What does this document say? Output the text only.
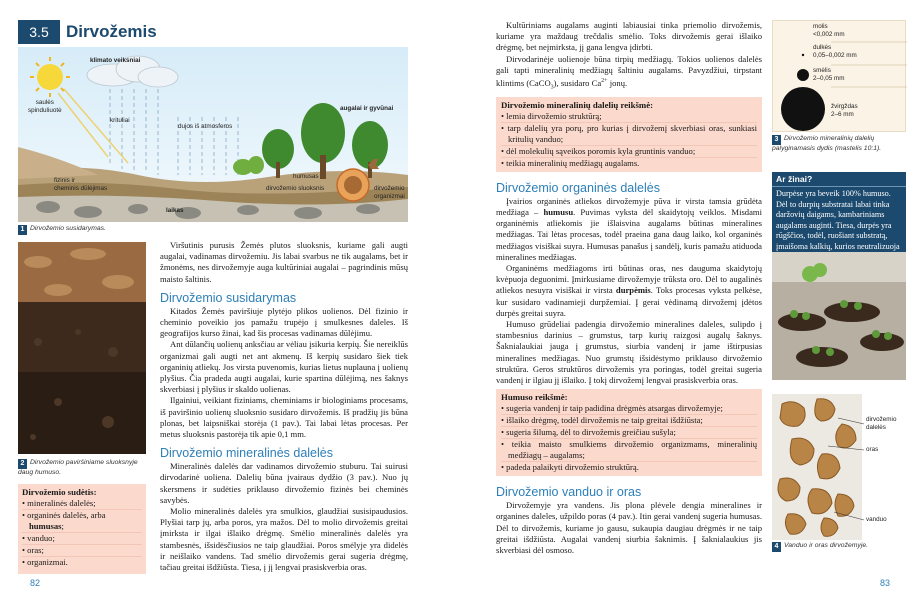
3.5	Dirvožemis
klimato veiksniai
saulės
spinduliuotė
krituliai
dujos iš atmosferos
augalai ir gyvūnai
fizinis ir
cheminis dūlėjimas
laikas
dirvožemio sluoksnis
humusas
dirvožemio
organizmai
1 Dirvožemio susidarymas.
2 Dirvožemio paviršiniame sluoksnyje daug humuso.
Dirvožemio sudėtis:
• mineralinės dalelės;
• organinės dalelės, arba
humusas;
• vanduo;
• oras;
• organizmai.
82

Viršutinis purusis Žemės plutos sluoksnis, kuriame gali augti augalai, vadinamas dirvožemiu. Jis labai svarbus ne tik augalams, bet ir žmonėms, nes dirvožemyje auga kultūriniai augalai – pagrindinis mūsų maisto šaltinis.

Dirvožemio susidarymas

Kitados Žemės paviršiuje plytėjo plikos uolienos. Dėl fizinio ir cheminio poveikio jos pamažu trupėjo į smulkesnes daleles. Iš geografijos kurso žinai, kad šis procesas vadinamas dūlėjimu.

Ant dūlančių uolienų anksčiau ar vėliau įsikuria kerpių. Šie nereiklūs organizmai gali augti net ant akmenų. Iš kerpių susidaro šiek tiek organinių atliekų. Jos virsta puvenomis, kurias lietus nuplauna į uolienų plyšius. Čia pradeda augti augalai, kurie spartina dūlėjimą, nes šaknys skverbiasi į plyšius ir skaldo uolienas.

Ilgainiui, veikiant fiziniams, cheminiams ir biologiniams procesams, iš paviršinio uolienų sluoksnio susidaro dirvožemis. Iš pradžių jis būna plonas, bet laipsniškai storėja (1 pav.). Tai labai lėtas procesas. Per metus sluoksnis pastorėja tik apie 0,1 mm.

Dirvožemio mineralinės dalelės

Mineralinės dalelės dar vadinamos dirvožemio stuburu. Tai suirusi dirvodarinė uoliena. Dalelių būna įvairaus dydžio (3 pav.). Nuo jų skersmens ir sudėties priklauso dirvožemio fizinės bei cheminės savybės.

Molio mineralinės dalelės yra smulkios, glaudžiai susisipaudusios. Plyšiai tarp jų, arba poros, yra mažos. Dėl to molio dirvožemis greitai įmirksta ir ilgai išlaiko drėgmę. Smėlio mineralinės dalelės yra stambesnės, išsidėsčiusios ne taip glaudžiai. Poros smėlyje yra didelės ir neišlaiko vandens. Tad smėlio dirvožemis gerai sugeria drėgmę, tačiau greitai išdžiūsta. Tiesa, į jį lengvai prasiskverbia oras.

Kultūriniams augalams auginti labiausiai tinka priemolio dirvožemis, kuriame yra maždaug trečdalis smėlio. Toks dirvožemis gerai išlaiko drėgmę, bet neįmirksta, jį gana lengva įdirbti.

Dirvodarinėje uolienoje būna tirpių medžiagų. Tokios uolienos dalelės gali tapti mineralinių medžiagų šaltiniu augalams. Pavyzdžiui, tirpstant klintims (CaCO$_3$), susidaro $Ca^{2+}$ jonų.

Dirvožemio mineralinių dalelių reikšmė:
• lemia dirvožemio struktūrą;
• tarp dalelių yra porų, pro kurias į dirvožemį skverbiasi oras, sunkiasi kritulių vanduo;
• dėl molekulių sąveikos poromis kyla gruntinis vanduo;
• teikia mineralinių medžiagų augalams.
Dirvožemio organinės dalelės

Įvairios organinės atliekos dirvožemyje pūva ir virsta tamsia grūdėta medžiaga – humusu. Puvimas vyksta dėl skaidytojų veiklos. Misdami organinėmis atliekomis jie išlaisvina augalams būtinas mineralines medžiagas. Tai lėtas procesas, todėl praeina gana daug laiko, kol organinės medžiagos visiškai suyra. Humusas panašus į sandėlį, kuris pamažu atiduoda mineralines medžiagas.

Organinėms medžiagoms irti būtinas oras, nes dauguma skaidytojų kvėpuoja deguonimi. Įmirkusiame dirvožemyje trūksta oro. Dėl to augalinės atliekos nesuyra visiškai ir virsta durpėmis. Toks procesas vyksta pelkėse, kur susidaro vadinamieji durpžemiai. Į gerai vėdinamą dirvožemį įdėtos durpės greitai suyra.

Humuso grūdeliai padengia dirvožemio mineralines daleles, sulipdo į stambesnius darinius – grumstus, tarp kurių raizgosi augalų šaknys. Šaknialaukiai jauga į grumstus, siurbia vandenį ir jame ištirpusias mineralines medžiagas. Nuo grumstų išsidėstymo priklauso dirvožemio struktūra. Geros struktūros dirvožemis yra poringas, todėl greitai sugeria vandenį ir ilgiau jį išlaiko. Į tokį dirvožemį lengvai prasiskverbia oras.

Humuso reikšmė:
• sugeria vandenį ir taip padidina drėgmės atsargas dirvožemyje;
• išlaiko drėgmę, todėl dirvožemis ne taip greitai išdžiūsta;
• sugeria šilumą, dėl to dirvožemis greičiau sušyla;
• teikia maisto smulkiems dirvožemio organizmams, mineralinių medžiagų – augalams;
• padeda palaikyti dirvožemio struktūrą.
Dirvožemio vanduo ir oras

Dirvožemyje yra vandens. Jis plona plėvele dengia mineralines ir organines daleles, užpildo poras (4 pav.). Itin gerai vandenį sugeria humusas. Dėl to dirvožemis, kuriame jo gausu, sukaupia daugiau drėgmės ir ne taip greitai išdžiūsta. Augalai vandenį siurbia šaknimis. Į šaknialaukius jis skverbiasi dėl osmoso.

molis
<0,002 mm
dulkės
0,05–0,002 mm
smėlis
2–0,05 mm
žvirgždas
2–6 mm
3 Dirvožemio mineralinių dalelių palyginamasis dydis (mastelis 10:1).
Ar žinai?
Durpėse yra beveik 100% humuso. Dėl to durpių substratai labai tinka daržovių daigams, kambariniams augalams auginti. Tiesa, durpės yra rūgščios, todėl, ruošiant substratą, įmaišoma kalkių, kurios neutralizuoja
dirvožemio
dalelės
oras
vanduo
4 Vanduo ir oras dirvožemyje.
83
